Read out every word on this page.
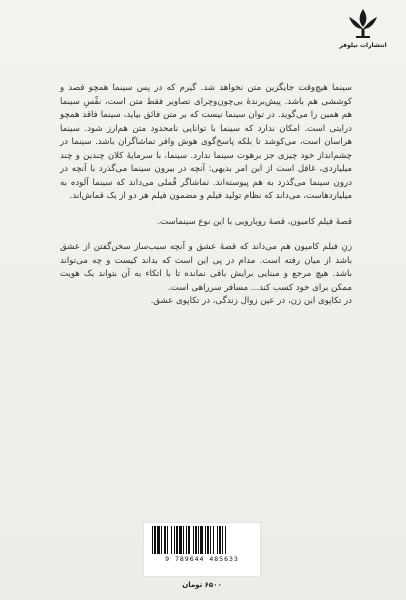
انتشارات نیلوفر

سینما هیچ‌وقت جایگزین متن نخواهد شد. گیرم که در پس سینما همچو قصد و کوششی هم باشد. پیش‌برنده‌ٔ بی‌چون‌وچرای تصاویر فقط متن است، نفْسِ سینما هم همین را می‌گوید. در توان سینما نیست که بر متن فائق بیاید، سینما فاقد همچو درایتی است. امکان ندارد که سینما با توانایی نامحدود متن هم‌ارز شود. سینما هراسان است، می‌کوشد تا بلکه پاسخ‌گوی هوش وافر تماشاگران باشد. سینما در چشم‌انداز خود چیزی جز برهوت سینما ندارد. سینما، با سرمایه‌ٔ کلان چندین و چند میلیاردی، غافل است از این امر بدیهی: آنچه در بیرون سینما می‌گذرد با آنچه در درون سینما می‌گذرد به هم پیوسته‌اند. تماشاگر قُملی می‌داند که سینما آلوده به میلیاردهاست، می‌داند که نظام تولید فیلم و مضمون فیلم هر دو از یک قماش‌اند.

قصهٔ فیلم کامیون، قصهٔ رویارویی با این نوع سینماست.

زنِ فیلم کامیون هم می‌داند که قصهٔ عشق و آنچه سبب‌ساز سخن‌گفتن از عشق باشد از میان رفته است. مدام در پی این است که بداند کیست و چه می‌تواند باشد. هیچ مرجع و مبنایی برایش باقی نمانده تا با اتکاء به آن بتواند یک هویت ممکن برای خود کسب کند... مسافر سرراهی است.

در تکاپوی این زن، در عین زوال زندگی، در تکاپوی عشق.

9 789644 485633
۶۵۰۰ تومان
